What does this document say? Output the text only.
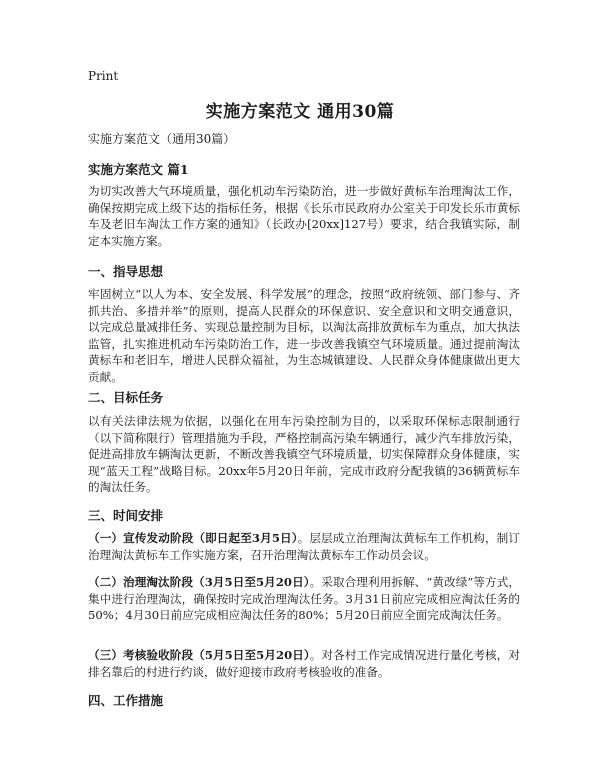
Print
实施方案范文 通用30篇
实施方案范文（通用30篇）
实施方案范文 篇1
为切实改善大气环境质量，强化机动车污染防治，进一步做好黄标车治理淘汰工作，确保按期完成上级下达的指标任务，根据《长乐市民政府办公室关于印发长乐市黄标车及老旧车淘汰工作方案的通知》（长政办[20xx]127号）要求，结合我镇实际，制定本实施方案。
一、指导思想
牢固树立“以人为本、安全发展、科学发展”的理念，按照“政府统领、部门参与、齐抓共治、多措并举”的原则，提高人民群众的环保意识、安全意识和文明交通意识，以完成总量减排任务、实现总量控制为目标，以淘汰高排放黄标车为重点，加大执法监管，扎实推进机动车污染防治工作，进一步改善我镇空气环境质量。通过提前淘汰黄标车和老旧车，增进人民群众福祉，为生态城镇建设、人民群众身体健康做出更大贡献。
二、目标任务
以有关法律法规为依据，以强化在用车污染控制为目的，以采取环保标志限制通行（以下简称限行）管理措施为手段，严格控制高污染车辆通行，减少汽车排放污染，促进高排放车辆淘汰更新，不断改善我镇空气环境质量，切实保障群众身体健康，实现“蓝天工程”战略目标。20xx年5月20日年前，完成市政府分配我镇的36辆黄标车的淘汰任务。
三、时间安排
（一）宣传发动阶段（即日起至3月5日）。层层成立治理淘汰黄标车工作机构，制订治理淘汰黄标车工作实施方案，召开治理淘汰黄标车工作动员会议。
（二）治理淘汰阶段（3月5日至5月20日）。采取合理利用拆解、“黄改绿”等方式，集中进行治理淘汰，确保按时完成治理淘汰任务。3月31日前应完成相应淘汰任务的50%；4月30日前应完成相应淘汰任务的80%；5月20日前应全面完成淘汰任务。
（三）考核验收阶段（5月5日至5月20日）。对各村工作完成情况进行量化考核，对排名靠后的村进行约谈，做好迎接市政府考核验收的准备。
四、工作措施
